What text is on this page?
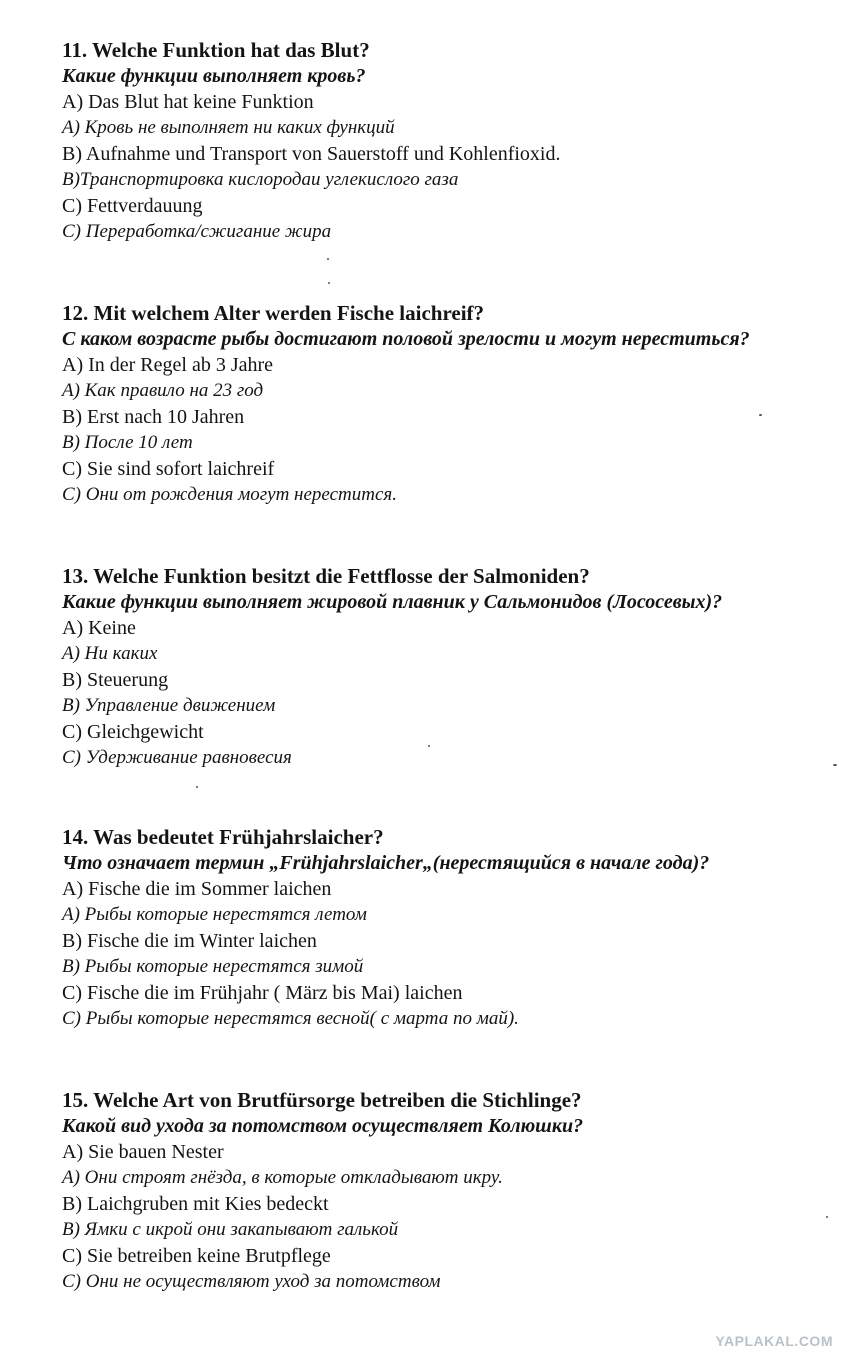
11. Welche Funktion hat das Blut?
Какие функции выполняет кровь?
A) Das Blut hat keine Funktion
А) Кровь не выполняет ни каких функций
B) Aufnahme und Transport von Sauerstoff und Kohlenfioxid.
В)Транспортировка кислородаи углекислого газа
C) Fettverdauung
С) Переработка/сжигание жира
12. Mit welchem Alter werden Fische laichreif?
С каком возрасте рыбы достигают половой зрелости и могут нереститься?
A) In der Regel ab 3 Jahre
А) Как правило на 23 год
B) Erst nach 10 Jahren
В) После 10 лет
C) Sie sind sofort laichreif
С) Они от рождения могут нерестится.
13. Welche Funktion besitzt die Fettflosse der Salmoniden?
Какие функции выполняет жировой плавник у Сальмонидов (Лососевых)?
A) Keine
А) Ни каких
B) Steuerung
В) Управление движением
C) Gleichgewicht
С) Удерживание равновесия
14. Was bedeutet Frühjahrslaicher?
Что означает термин „Frühjahrslaicher„(нерестящийся в начале года)?
A) Fische die im Sommer laichen
А) Рыбы которые нерестятся летом
B) Fische die im Winter laichen
В) Рыбы которые нерестятся зимой
C) Fische die im Frühjahr ( März bis Mai) laichen
С) Рыбы которые нерестятся весной( с марта по май).
15. Welche Art von Brutfürsorge betreiben die Stichlinge?
Какой вид ухода за потомством осуществляет Колюшки?
A) Sie bauen Nester
А) Они строят гнёзда, в которые откладывают икру.
B) Laichgruben mit Kies bedeckt
В) Ямки с икрой они закапывают галькой
C) Sie betreiben keine Brutpflege
С) Они не осуществляют уход за потомством
YAPLAKAL.COM
